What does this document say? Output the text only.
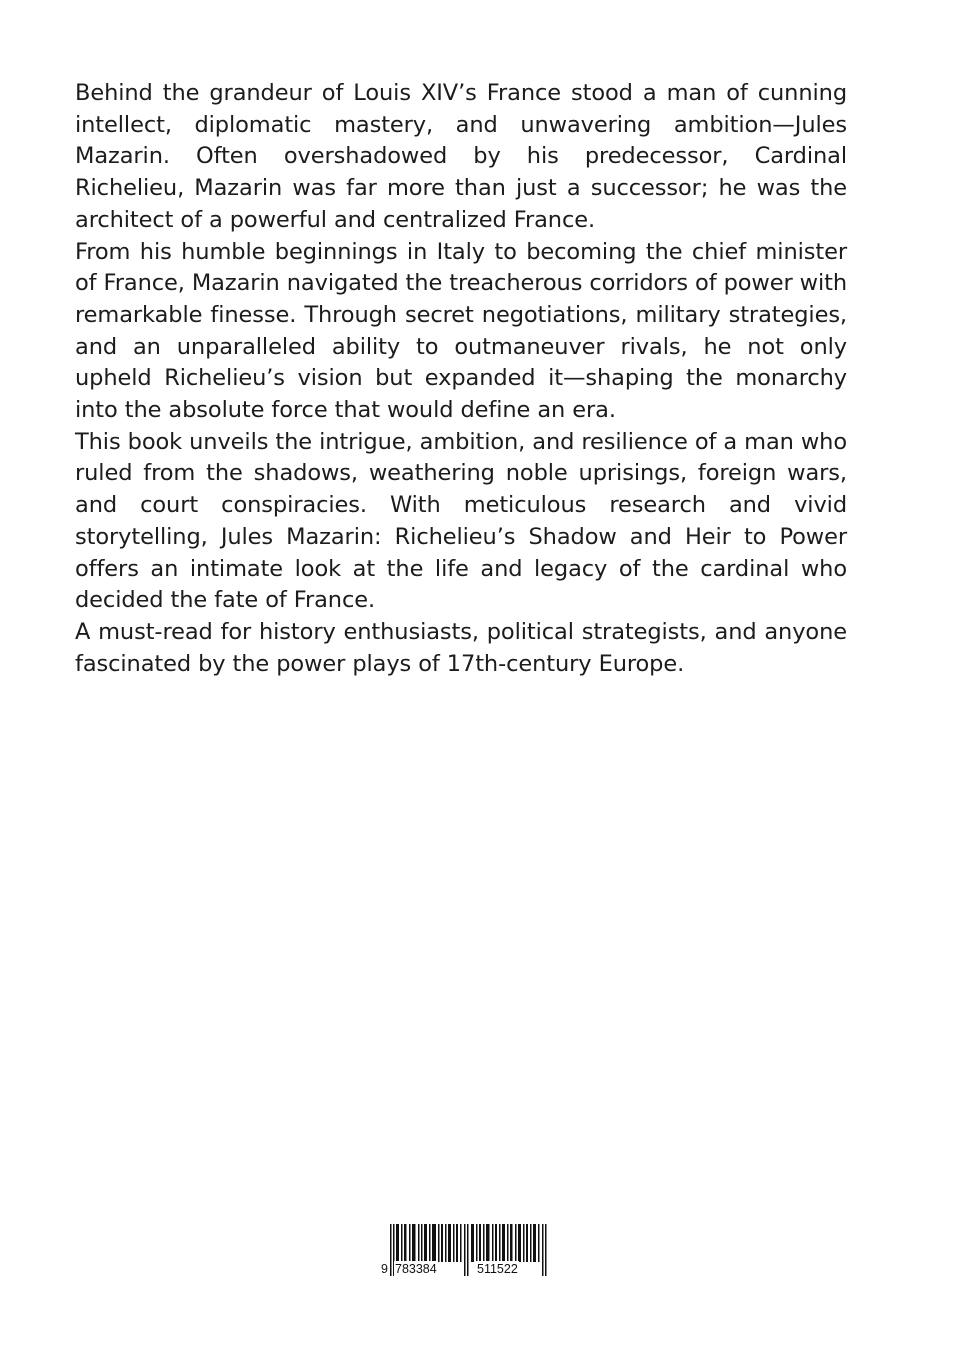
Behind the grandeur of Louis XIV’s France stood a man of cunning intellect, diplomatic mastery, and unwavering ambition—Jules Mazarin. Often overshadowed by his predecessor, Cardinal Richelieu, Mazarin was far more than just a successor; he was the architect of a powerful and centralized France.

From his humble beginnings in Italy to becoming the chief minister of France, Mazarin navigated the treacherous corridors of power with remarkable finesse. Through secret negotiations, military strategies, and an unparalleled ability to outmaneuver rivals, he not only upheld Richelieu’s vision but expanded it—shaping the monarchy into the absolute force that would define an era.

This book unveils the intrigue, ambition, and resilience of a man who ruled from the shadows, weathering noble uprisings, foreign wars, and court conspiracies. With meticulous research and vivid storytelling, Jules Mazarin: Richelieu’s Shadow and Heir to Power offers an intimate look at the life and legacy of the cardinal who decided the fate of France.

A must-read for history enthusiasts, political strategists, and anyone fascinated by the power plays of 17th-century Europe.

9 783384	511522
